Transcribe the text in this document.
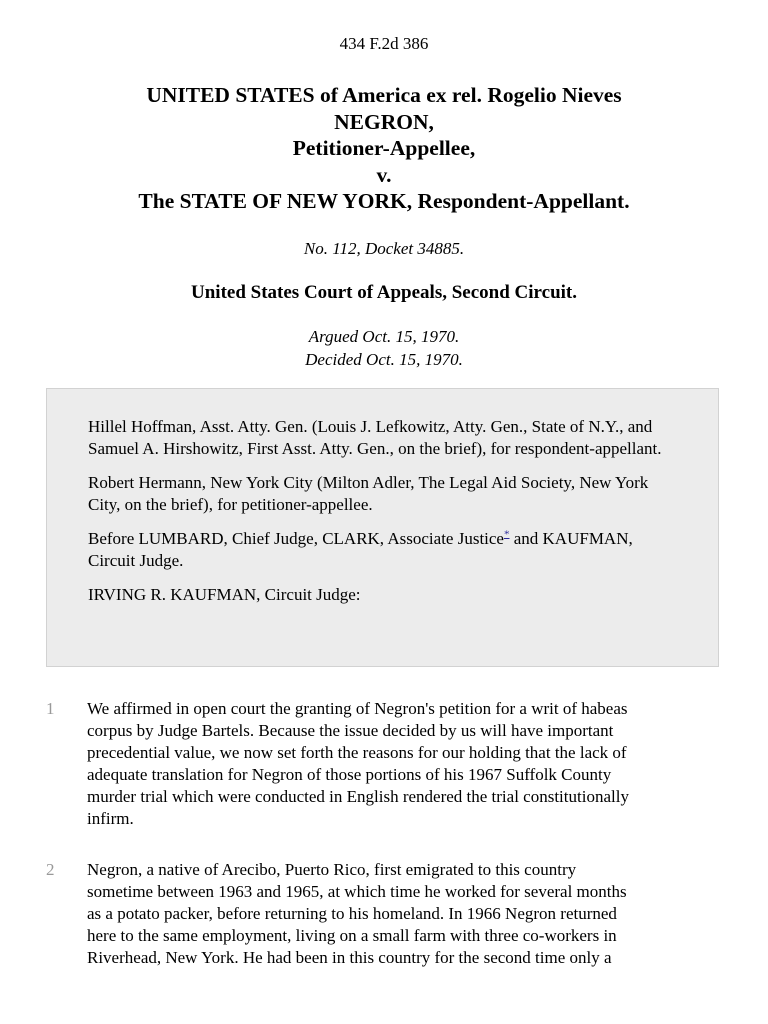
434 F.2d 386
UNITED STATES of America ex rel. Rogelio Nieves
NEGRON,
Petitioner-Appellee,
v.
The STATE OF NEW YORK, Respondent-Appellant.
No. 112, Docket 34885.
United States Court of Appeals, Second Circuit.
Argued Oct. 15, 1970.
Decided Oct. 15, 1970.

Hillel Hoffman, Asst. Atty. Gen. (Louis J. Lefkowitz, Atty. Gen., State of N.Y., and Samuel A. Hirshowitz, First Asst. Atty. Gen., on the brief), for respondent-appellant.

Robert Hermann, New York City (Milton Adler, The Legal Aid Society, New York City, on the brief), for petitioner-appellee.

Before LUMBARD, Chief Judge, CLARK, Associate Justice* and KAUFMAN, Circuit Judge.

IRVING R. KAUFMAN, Circuit Judge:

1 We affirmed in open court the granting of Negron's petition for a writ of habeas
corpus by Judge Bartels. Because the issue decided by us will have important
precedential value, we now set forth the reasons for our holding that the lack of
adequate translation for Negron of those portions of his 1967 Suffolk County
murder trial which were conducted in English rendered the trial constitutionally
infirm.
2 Negron, a native of Arecibo, Puerto Rico, first emigrated to this country
sometime between 1963 and 1965, at which time he worked for several months
as a potato packer, before returning to his homeland. In 1966 Negron returned
here to the same employment, living on a small farm with three co-workers in
Riverhead, New York. He had been in this country for the second time only a
